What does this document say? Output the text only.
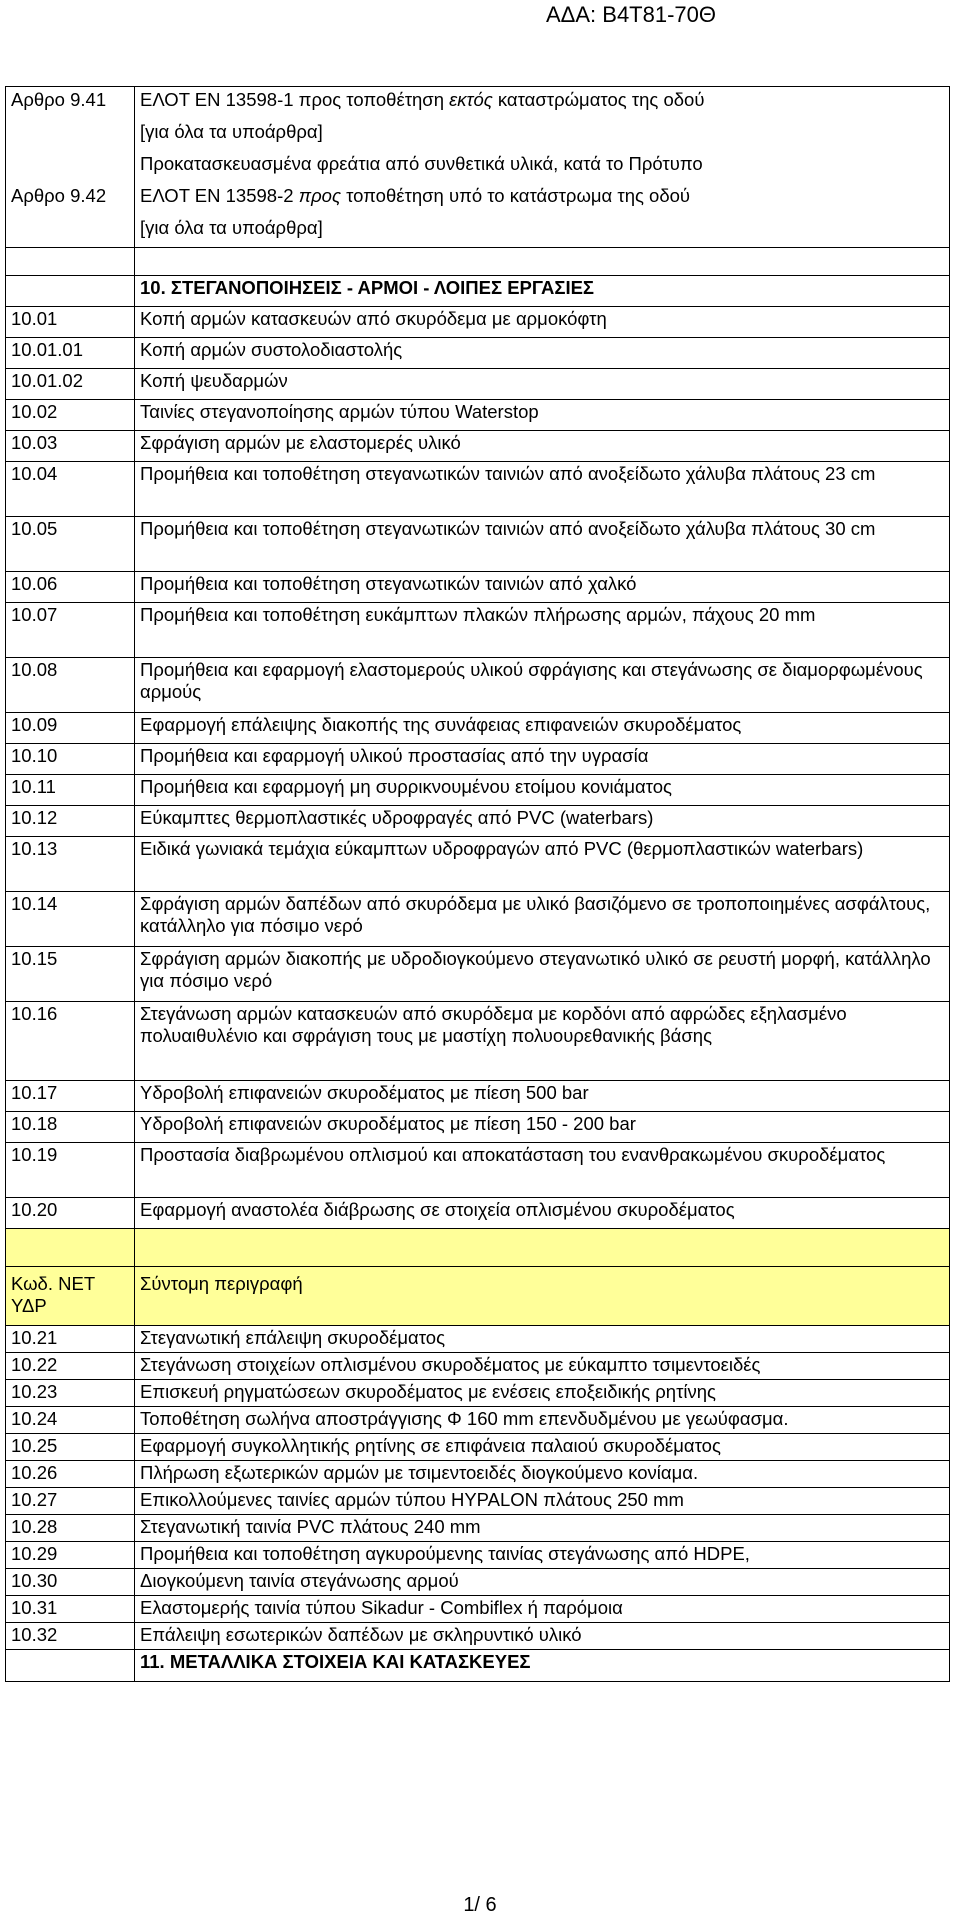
ΑΔΑ: Β4Τ81-70Θ
Αρθρο 9.41	ΕΛΟΤ ΕΝ 13598-1 προς τοποθέτηση εκτός καταστρώματος της οδού
	[για όλα τα υποάρθρα]
	Προκατασκευασμένα φρεάτια από συνθετικά υλικά, κατά το Πρότυπο
Αρθρο 9.42	ΕΛΟΤ ΕΝ 13598-2 προς τοποθέτηση υπό το κατάστρωμα της οδού
	[για όλα τα υποάρθρα]

	10. ΣΤΕΓΑΝΟΠΟΙΗΣΕΙΣ - ΑΡΜΟΙ - ΛΟΙΠΕΣ ΕΡΓΑΣΙΕΣ
10.01	Κοπή αρμών κατασκευών από σκυρόδεμα με αρμοκόφτη
10.01.01	Κοπή αρμών συστολοδιαστολής
10.01.02	Κοπή ψευδαρμών
10.02	Ταινίες στεγανοποίησης αρμών τύπου Waterstop
10.03	Σφράγιση αρμών με ελαστομερές υλικό
10.04	Προμήθεια και τοποθέτηση στεγανωτικών ταινιών από ανοξείδωτο χάλυβα πλάτους 23 cm
10.05	Προμήθεια και τοποθέτηση στεγανωτικών ταινιών από ανοξείδωτο χάλυβα πλάτους 30 cm
10.06	Προμήθεια και τοποθέτηση στεγανωτικών ταινιών από χαλκό
10.07	Προμήθεια και τοποθέτηση ευκάμπτων πλακών πλήρωσης αρμών, πάχους 20 mm
10.08	Προμήθεια και εφαρμογή ελαστομερούς υλικού σφράγισης και στεγάνωσης σε διαμορφωμένους αρμούς
10.09	Εφαρμογή επάλειψης διακοπής της συνάφειας επιφανειών σκυροδέματος
10.10	Προμήθεια και εφαρμογή υλικού προστασίας από την υγρασία
10.11	Προμήθεια και εφαρμογή μη συρρικνουμένου ετοίμου κονιάματος
10.12	Εύκαμπτες θερμοπλαστικές υδροφραγές από PVC (waterbars)
10.13	Ειδικά γωνιακά τεμάχια εύκαμπτων υδροφραγών από PVC (θερμοπλαστικών waterbars)
10.14	Σφράγιση αρμών δαπέδων από σκυρόδεμα με υλικό βασιζόμενο σε τροποποιημένες ασφάλτους, κατάλληλο για πόσιμο νερό
10.15	Σφράγιση αρμών διακοπής με υδροδιογκούμενο στεγανωτικό υλικό σε ρευστή μορφή, κατάλληλο για πόσιμο νερό
10.16	Στεγάνωση αρμών κατασκευών από σκυρόδεμα με κορδόνι από αφρώδες εξηλασμένο πολυαιθυλένιο και σφράγιση τους με μαστίχη πολυουρεθανικής βάσης
10.17	Υδροβολή επιφανειών σκυροδέματος με πίεση 500 bar
10.18	Υδροβολή επιφανειών σκυροδέματος με πίεση 150 - 200 bar
10.19	Προστασία διαβρωμένου οπλισμού και αποκατάσταση του ενανθρακωμένου σκυροδέματος
10.20	Εφαρμογή αναστολέα διάβρωσης σε στοιχεία οπλισμένου σκυροδέματος

Κωδ. ΝΕΤ ΥΔΡ	Σύντομη περιγραφή
10.21	Στεγανωτική επάλειψη σκυροδέματος
10.22	Στεγάνωση στοιχείων οπλισμένου σκυροδέματος με εύκαμπτο τσιμεντοειδές
10.23	Επισκευή ρηγματώσεων σκυροδέματος με ενέσεις εποξειδικής ρητίνης
10.24	Τοποθέτηση σωλήνα αποστράγγισης Φ 160 mm επενδυδμένου με γεωύφασμα.
10.25	Εφαρμογή συγκολλητικής ρητίνης σε επιφάνεια παλαιού σκυροδέματος
10.26	Πλήρωση εξωτερικών αρμών με τσιμεντοειδές διογκούμενο κονίαμα.
10.27	Επικολλούμενες ταινίες αρμών τύπου HYPALON πλάτους 250 mm
10.28	Στεγανωτική ταινία PVC πλάτους 240 mm
10.29	Προμήθεια και τοποθέτηση αγκυρούμενης ταινίας στεγάνωσης από HDPE,
10.30	Διογκούμενη ταινία στεγάνωσης αρμού
10.31	Ελαστομερής ταινία τύπου Sikadur - Combiflex ή παρόμοια
10.32	Επάλειψη εσωτερικών δαπέδων με σκληρυντικό υλικό
	11. ΜΕΤΑΛΛΙΚΑ ΣΤΟΙΧΕΙΑ ΚΑΙ ΚΑΤΑΣΚΕΥΕΣ
1/ 6
